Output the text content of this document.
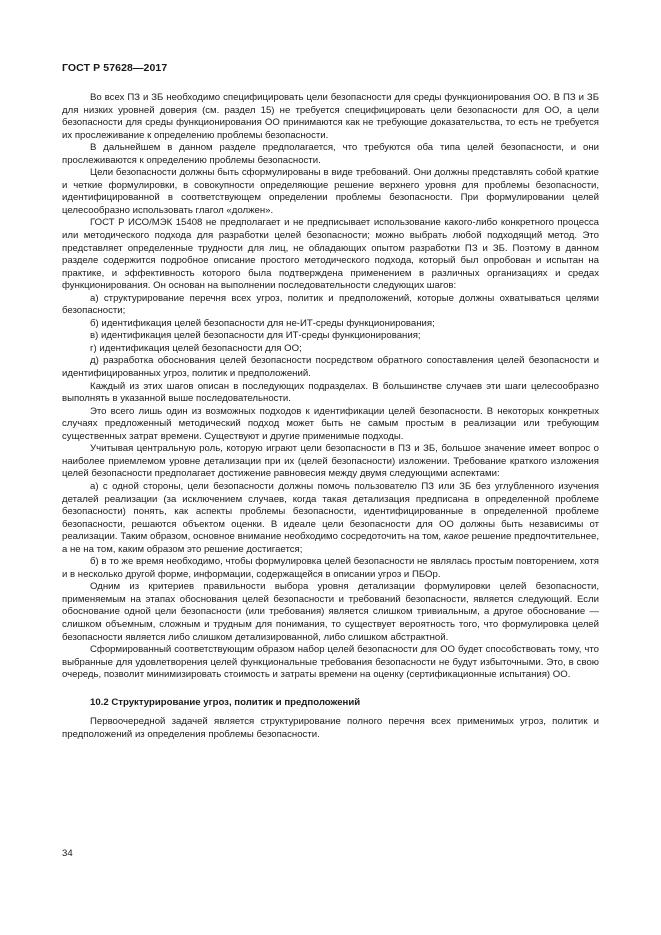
ГОСТ Р 57628—2017

Во всех ПЗ и ЗБ необходимо специфицировать цели безопасности для среды функционирования ОО. В ПЗ и ЗБ для низких уровней доверия (см. раздел 15) не требуется специфицировать цели безопасности для ОО, а цели безопасности для среды функционирования ОО принимаются как не требующие доказательства, то есть не требуется их прослеживание к определению проблемы безопасности.

В дальнейшем в данном разделе предполагается, что требуются оба типа целей безопасности, и они прослеживаются к определению проблемы безопасности.

Цели безопасности должны быть сформулированы в виде требований. Они должны представлять собой краткие и четкие формулировки, в совокупности определяющие решение верхнего уровня для проблемы безопасности, идентифицированной в соответствующем определении проблемы безопасности. При формулировании целей целесообразно использовать глагол «должен».

ГОСТ Р ИСО/МЭК 15408 не предполагает и не предписывает использование какого-либо конкретного процесса или методического подхода для разработки целей безопасности; можно выбрать любой подходящий метод. Это представляет определенные трудности для лиц, не обладающих опытом разработки ПЗ и ЗБ. Поэтому в данном разделе содержится подробное описание простого методического подхода, который был опробован и испытан на практике, и эффективность которого была подтверждена применением в различных организациях и средах функционирования. Он основан на выполнении последовательности следующих шагов:

а) структурирование перечня всех угроз, политик и предположений, которые должны охватываться целями безопасности;

б) идентификация целей безопасности для не-ИТ-среды функционирования;

в) идентификация целей безопасности для ИТ-среды функционирования;

г) идентификация целей безопасности для ОО;

д) разработка обоснования целей безопасности посредством обратного сопоставления целей безопасности и идентифицированных угроз, политик и предположений.

Каждый из этих шагов описан в последующих подразделах. В большинстве случаев эти шаги целесообразно выполнять в указанной выше последовательности.

Это всего лишь один из возможных подходов к идентификации целей безопасности. В некоторых конкретных случаях предложенный методический подход может быть не самым простым в реализации или требующим существенных затрат времени. Существуют и другие применимые подходы.

Учитывая центральную роль, которую играют цели безопасности в ПЗ и ЗБ, большое значение имеет вопрос о наиболее приемлемом уровне детализации при их (целей безопасности) изложении. Требование краткого изложения целей безопасности предполагает достижение равновесия между двумя следующими аспектами:

а) с одной стороны, цели безопасности должны помочь пользователю ПЗ или ЗБ без углубленного изучения деталей реализации (за исключением случаев, когда такая детализация предписана в определенной проблеме безопасности) понять, как аспекты проблемы безопасности, идентифицированные в определенной проблеме безопасности, решаются объектом оценки. В идеале цели безопасности для ОО должны быть независимы от реализации. Таким образом, основное внимание необходимо сосредоточить на том, какое решение предпочтительнее, а не на том, каким образом это решение достигается;

б) в то же время необходимо, чтобы формулировка целей безопасности не являлась простым повторением, хотя и в несколько другой форме, информации, содержащейся в описании угроз и ПБОр.

Одним из критериев правильности выбора уровня детализации формулировки целей безопасности, применяемым на этапах обоснования целей безопасности и требований безопасности, является следующий. Если обоснование одной цели безопасности (или требования) является слишком тривиальным, а другое обоснование — слишком объемным, сложным и трудным для понимания, то существует вероятность того, что формулировка целей безопасности является либо слишком детализированной, либо слишком абстрактной.

Сформированный соответствующим образом набор целей безопасности для ОО будет способствовать тому, что выбранные для удовлетворения целей функциональные требования безопасности не будут избыточными. Это, в свою очередь, позволит минимизировать стоимость и затраты времени на оценку (сертификационные испытания) ОО.

10.2 Структурирование угроз, политик и предположений

Первоочередной задачей является структурирование полного перечня всех применимых угроз, политик и предположений из определения проблемы безопасности.

34
